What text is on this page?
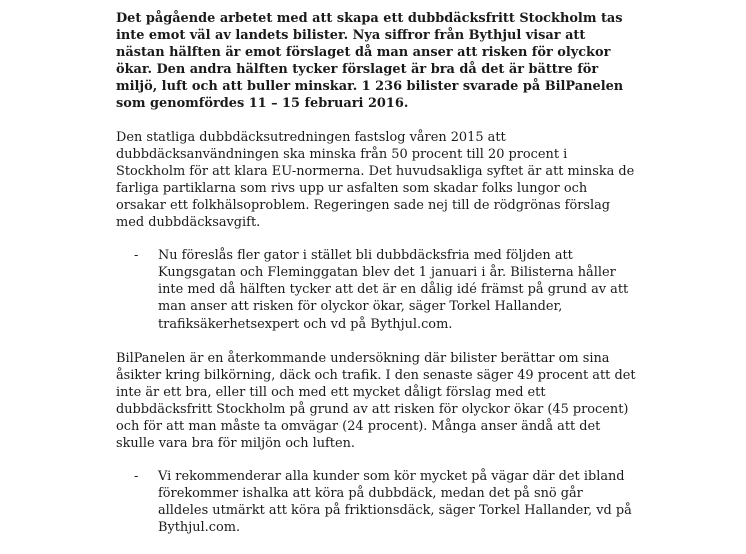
Det pågående arbetet med att skapa ett dubbdäcksfritt Stockholm tas inte emot väl av landets bilister. Nya siffror från Bythjul visar att nästan hälften är emot förslaget då man anser att risken för olyckor ökar. Den andra hälften tycker förslaget är bra då det är bättre för miljö, luft och att buller minskar. 1 236 bilister svarade på BilPanelen som genomfördes 11 – 15 februari 2016.

Den statliga dubbdäcksutredningen fastslog våren 2015 att dubbdäcksanvändningen ska minska från 50 procent till 20 procent i Stockholm för att klara EU-normerna. Det huvudsakliga syftet är att minska de farliga partiklarna som rivs upp ur asfalten som skadar folks lungor och orsakar ett folkhälsoproblem. Regeringen sade nej till de rödgrönas förslag med dubbdäcksavgift.

- Nu föreslås fler gator i stället bli dubbdäcksfria med följden att Kungsgatan och Fleminggatan blev det 1 januari i år. Bilisterna håller inte med då hälften tycker att det är en dålig idé främst på grund av att man anser att risken för olyckor ökar, säger Torkel Hallander, trafiksäkerhetsexpert och vd på Bythjul.com.

BilPanelen är en återkommande undersökning där bilister berättar om sina åsikter kring bilkörning, däck och trafik. I den senaste säger 49 procent att det inte är ett bra, eller till och med ett mycket dåligt förslag med ett dubbdäcksfritt Stockholm på grund av att risken för olyckor ökar (45 procent) och för att man måste ta omvägar (24 procent). Många anser ändå att det skulle vara bra för miljön och luften.

- Vi rekommenderar alla kunder som kör mycket på vägar där det ibland förekommer ishalka att köra på dubbdäck, medan det på snö går alldeles utmärkt att köra på friktionsdäck, säger Torkel Hallander, vd på Bythjul.com.
